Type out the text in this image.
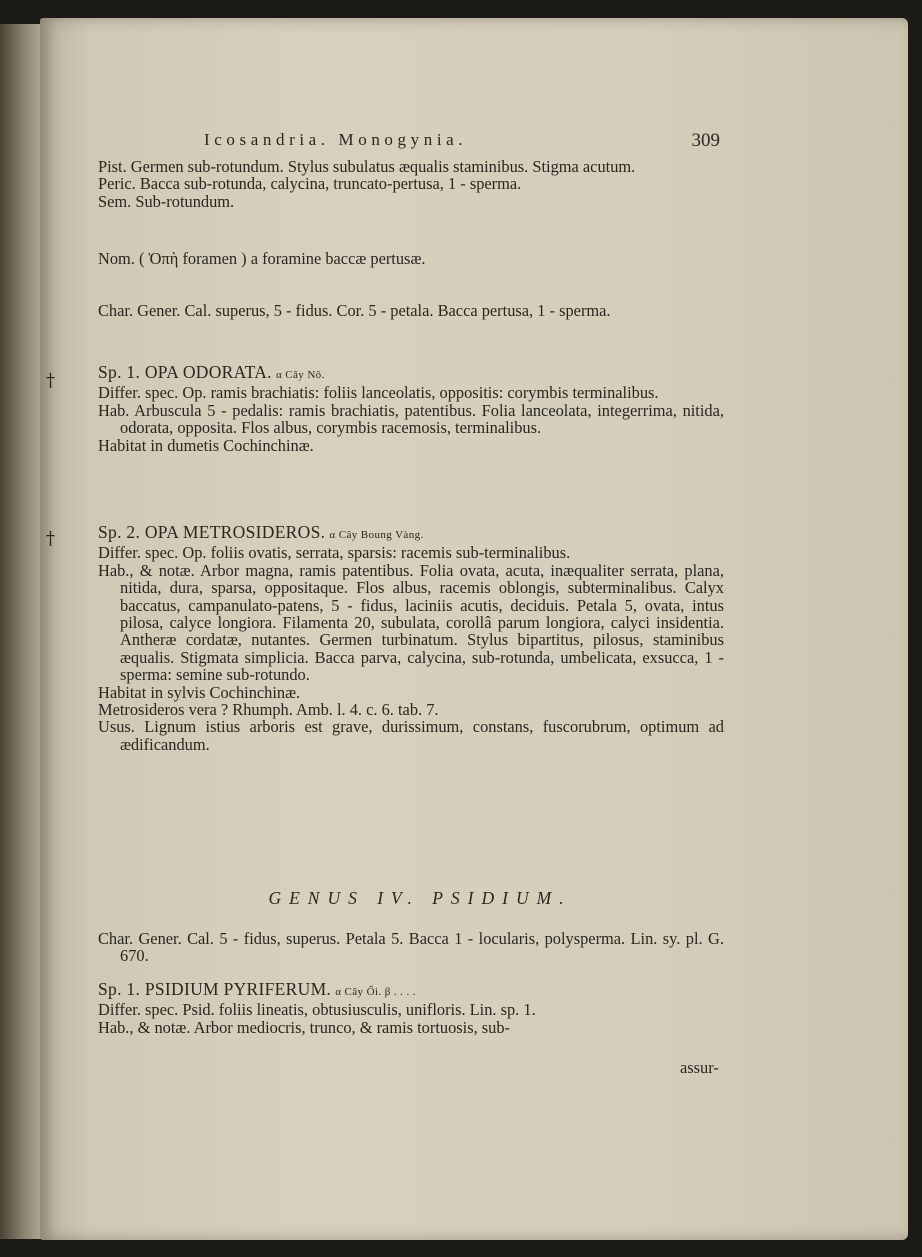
Icosandria. Monogynia.	309

Pist. Germen sub-rotundum. Stylus subulatus æqualis staminibus. Stigma acutum.

Peric. Bacca sub-rotunda, calycina, truncato-pertusa, 1 - sperma.

Sem. Sub-rotundum.

Nom. ( Ὀπὴ foramen ) a foramine baccæ pertusæ.

Char. Gener. Cal. superus, 5 - fidus. Cor. 5 - petala. Bacca pertusa, 1 - sperma.

† Sp. 1. OPA ODORATA. α Cây Nô.

Differ. spec. Op. ramis brachiatis: foliis lanceolatis, oppositis: corymbis terminalibus.

Hab. Arbuscula 5 - pedalis: ramis brachiatis, patentibus. Folia lanceolata, integerrima, nitida, odorata, opposita. Flos albus, corymbis racemosis, terminalibus.

Habitat in dumetis Cochinchinæ.

† Sp. 2. OPA METROSIDEROS. α Cây Boung Vàng.

Differ. spec. Op. foliis ovatis, serrata, sparsis: racemis sub-terminalibus.

Hab., & notæ. Arbor magna, ramis patentibus. Folia ovata, acuta, inæqualiter serrata, plana, nitida, dura, sparsa, oppositaque. Flos albus, racemis oblongis, subterminalibus. Calyx baccatus, campanulato-patens, 5 - fidus, laciniis acutis, deciduis. Petala 5, ovata, intus pilosa, calyce longiora. Filamenta 20, subulata, corollâ parum longiora, calyci insidentia. Antheræ cordatæ, nutantes. Germen turbinatum. Stylus bipartitus, pilosus, staminibus æqualis. Stigmata simplicia. Bacca parva, calycina, sub-rotunda, umbelicata, exsucca, 1 - sperma: semine sub-rotundo.

Habitat in sylvis Cochinchinæ.

Metrosideros vera ? Rhumph. Amb. l. 4. c. 6. tab. 7.

Usus. Lignum istius arboris est grave, durissimum, constans, fuscorubrum, optimum ad ædificandum.

GENUS IV. PSIDIUM.

Char. Gener. Cal. 5 - fidus, superus. Petala 5. Bacca 1 - locularis, polysperma. Lin. sy. pl. G. 670.

Sp. 1. PSIDIUM PYRIFERUM. α Cây Ổi. β . . . .

Differ. spec. Psid. foliis lineatis, obtusiusculis, unifloris. Lin. sp. 1.

Hab., & notæ. Arbor mediocris, trunco, & ramis tortuosis, sub-

assur-
